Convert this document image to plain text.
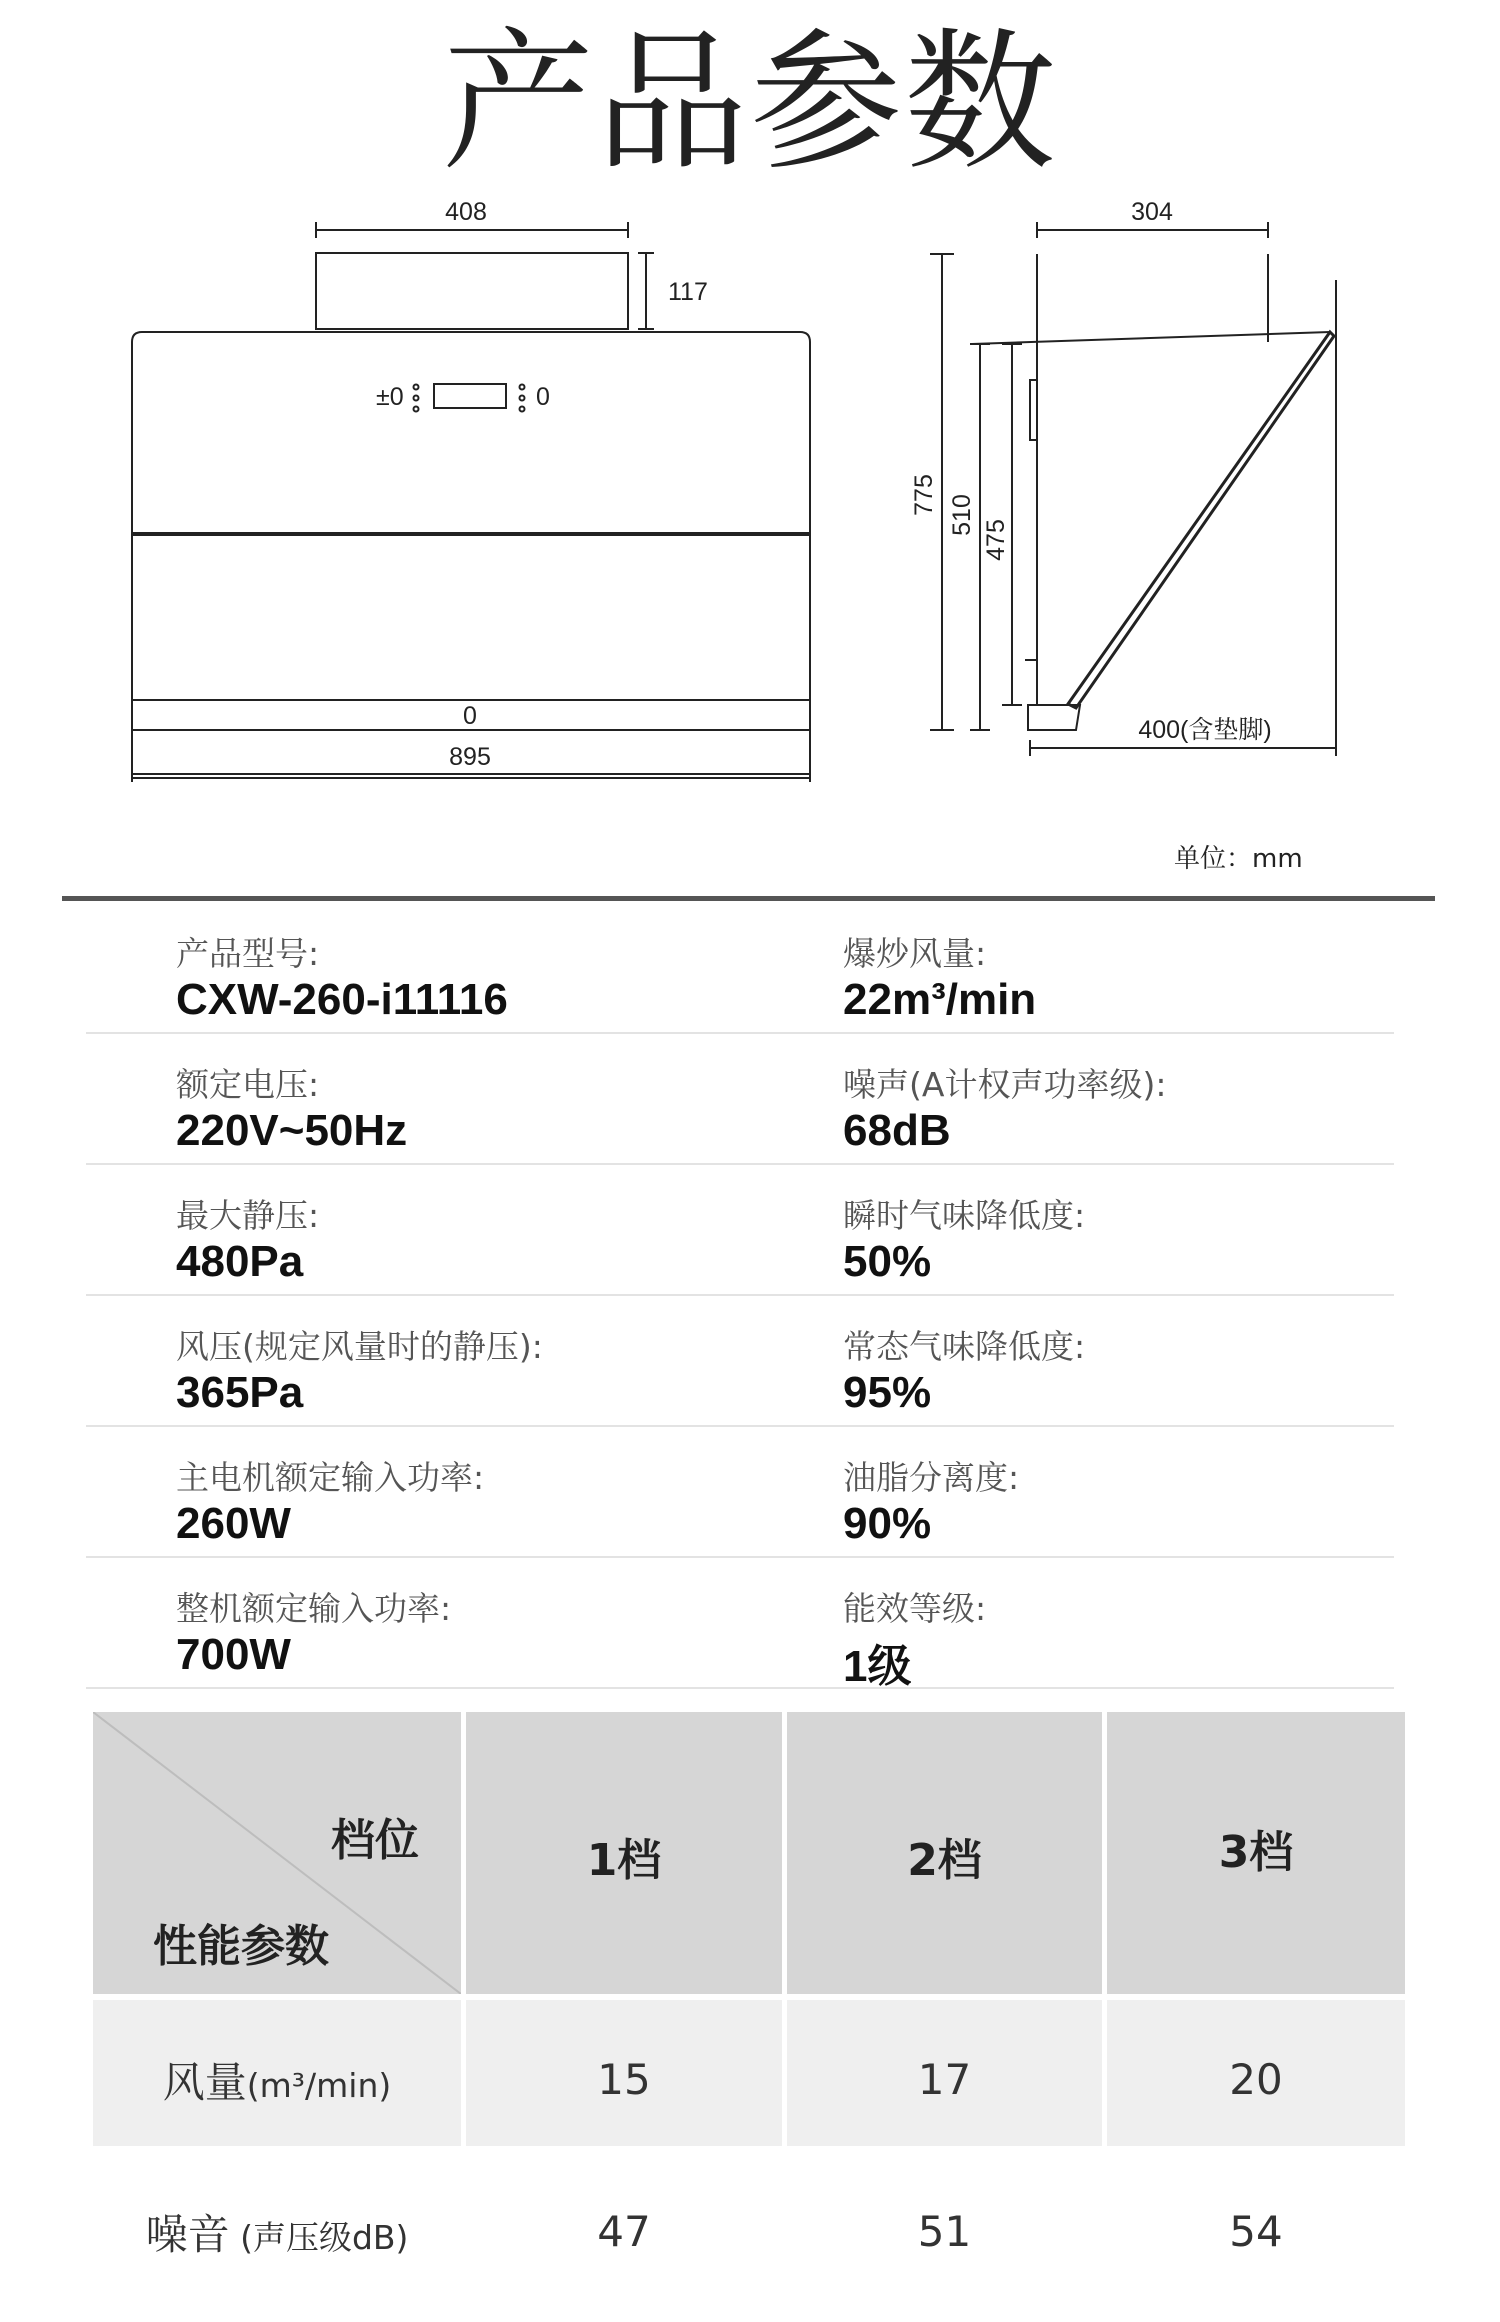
产品参数
408
117
895
±0	0
0
304
775 510
475
400(含垫脚)
单位：mm
产品型号:
CXW-260-i11116
爆炒风量:
22m³/min
额定电压:
220V~50Hz
噪声(A计权声功率级):
68dB
最大静压:
480Pa
瞬时气味降低度:
50%
风压(规定风量时的静压):
365Pa
常态气味降低度:
95%
主电机额定输入功率:
260W
油脂分离度:
90%
整机额定输入功率:
700W
能效等级:
1级
档位
性能参数
1档	2档	3档
风量(m³/min)	15	17	20
噪音 (声压级dB)	47	51	54
